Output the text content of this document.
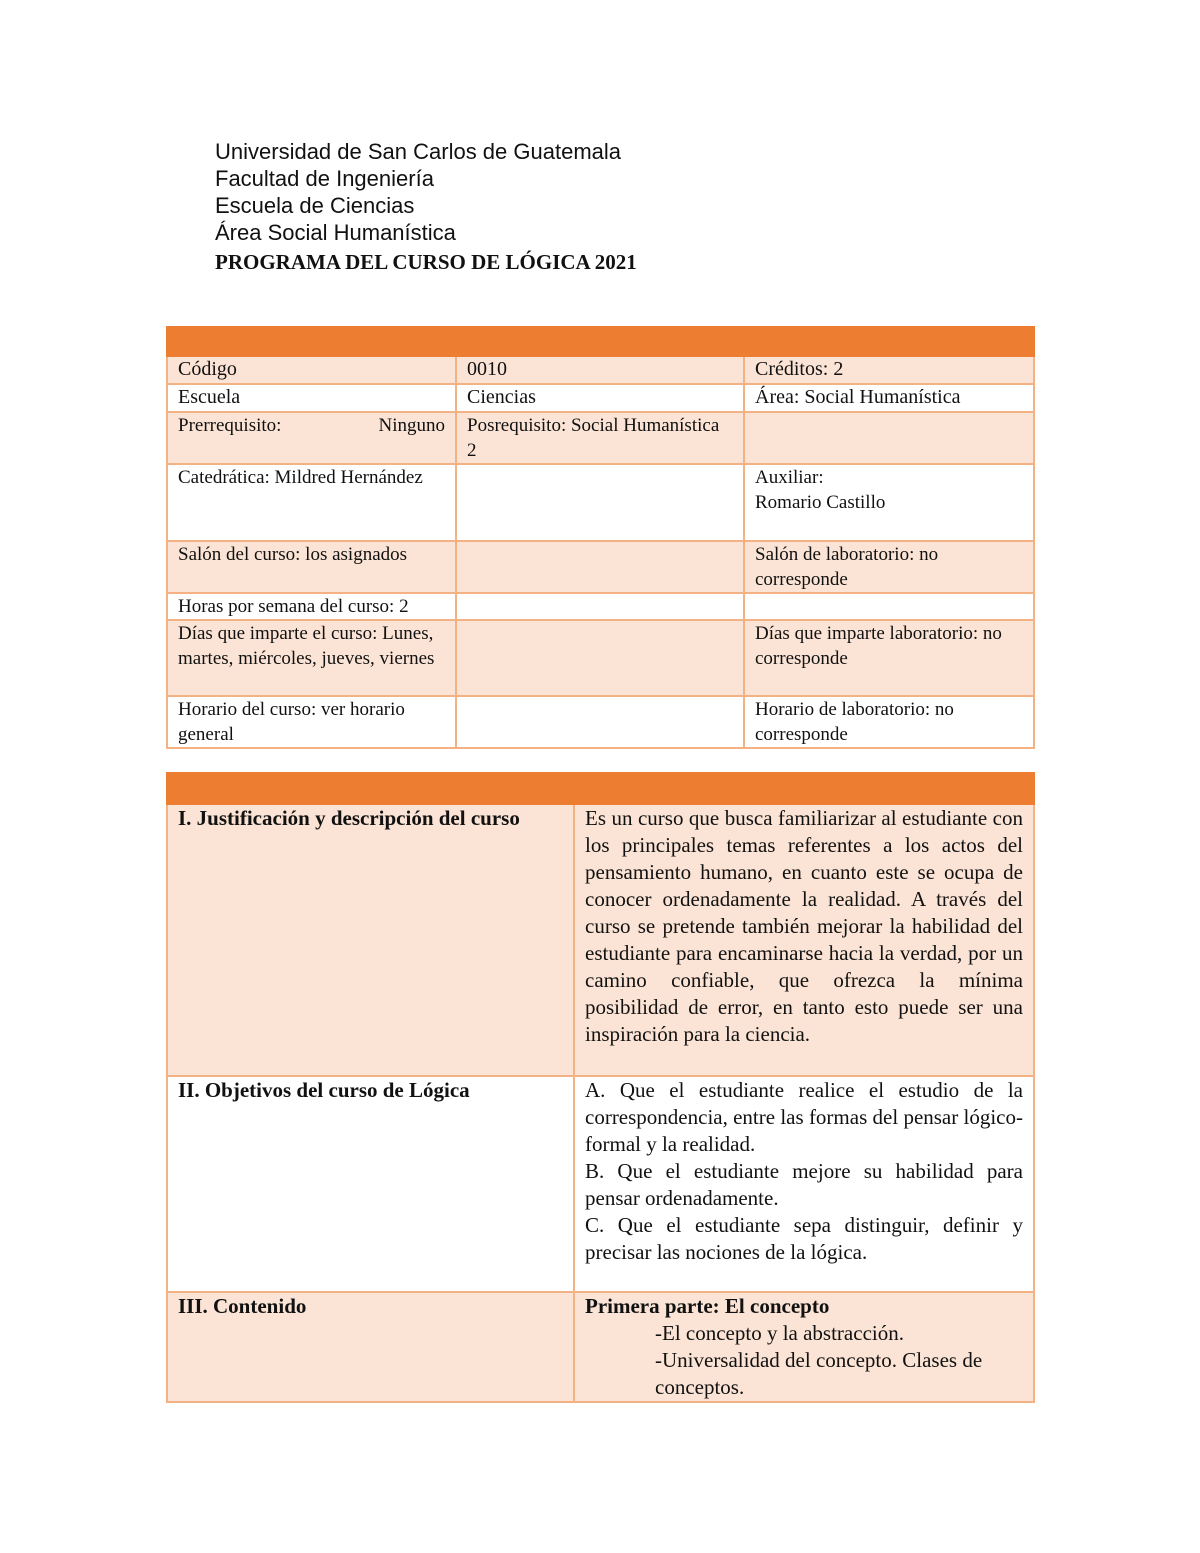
Universidad de San Carlos de Guatemala
Facultad de Ingeniería
Escuela de Ciencias
Área Social Humanística
PROGRAMA DEL CURSO DE LÓGICA 2021

Código	0010	Créditos: 2
Escuela	Ciencias	Área: Social Humanística

Prerrequisito: Ninguno	Posrequisito: Social Humanística 2	
Catedrática: Mildred Hernández		Auxiliar:
Romario Castillo

Salón del curso: los asignados		Salón de laboratorio: no corresponde
Horas por semana del curso: 2		
Días que imparte el curso: Lunes, martes, miércoles, jueves, viernes		Días que imparte laboratorio: no corresponde
Horario del curso: ver horario general		Horario de laboratorio: no corresponde

I. Justificación y descripción del curso	Es un curso que busca familiarizar al estudiante con los principales temas referentes a los actos del pensamiento humano, en cuanto este se ocupa de conocer ordenadamente la realidad. A través del curso se pretende también mejorar la habilidad del estudiante para encaminarse hacia la verdad, por un camino confiable, que ofrezca la mínima posibilidad de error, en tanto esto puede ser una inspiración para la ciencia.
II. Objetivos del curso de Lógica	A. Que el estudiante realice el estudio de la correspondencia, entre las formas del pensar lógico-formal y la realidad.
B. Que el estudiante mejore su habilidad para pensar ordenadamente.
C. Que el estudiante sepa distinguir, definir y precisar las nociones de la lógica.

III. Contenido	Primera parte: El concepto
-El concepto y la abstracción.
-Universalidad del concepto. Clases de conceptos.
